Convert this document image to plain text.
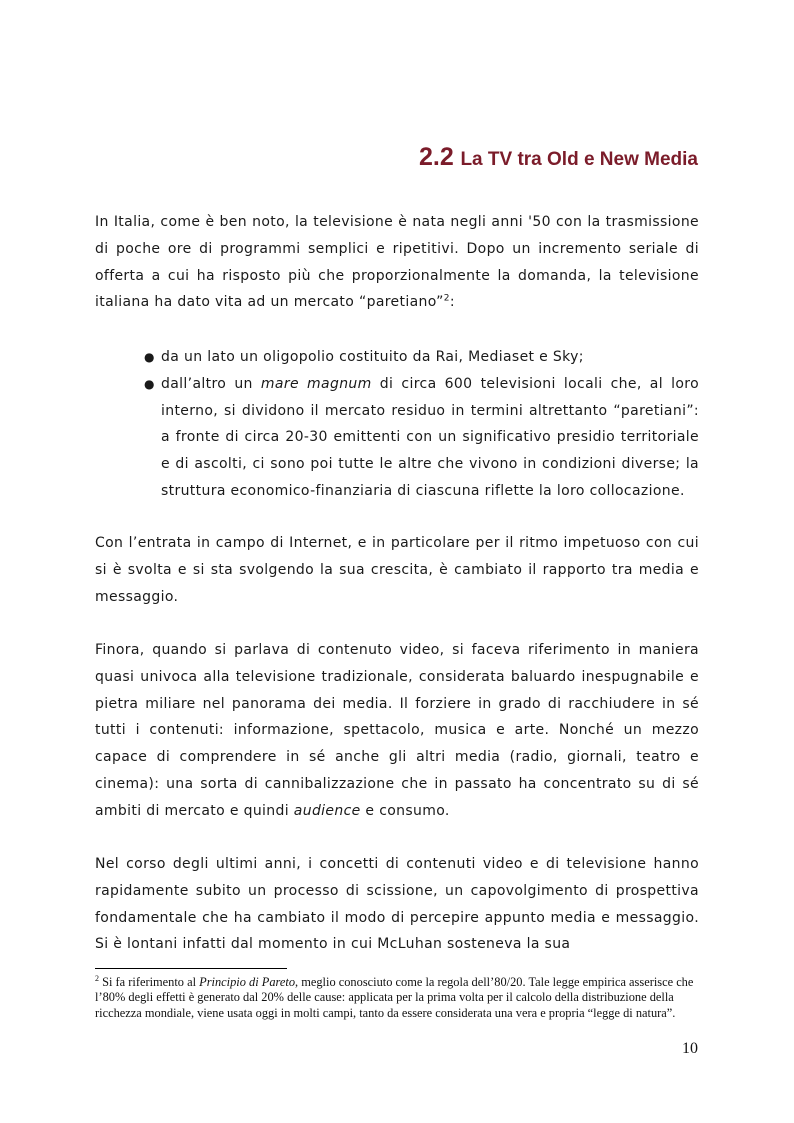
2.2 La TV tra Old e New Media

In Italia, come è ben noto, la televisione è nata negli anni '50 con la trasmissione di poche ore di programmi semplici e ripetitivi. Dopo un incremento seriale di offerta a cui ha risposto più che proporzionalmente la domanda, la televisione italiana ha dato vita ad un mercato “paretiano”$^2$:

● da un lato un oligopolio costituito da Rai, Mediaset e Sky;
● dall’altro un mare magnum di circa 600 televisioni locali che, al loro interno, si dividono il mercato residuo in termini altrettanto “paretiani”: a fronte di circa 20-30 emittenti con un significativo presidio territoriale e di ascolti, ci sono poi tutte le altre che vivono in condizioni diverse; la struttura economico-finanziaria di ciascuna riflette la loro collocazione.

Con l’entrata in campo di Internet, e in particolare per il ritmo impetuoso con cui si è svolta e si sta svolgendo la sua crescita, è cambiato il rapporto tra media e messaggio.

Finora, quando si parlava di contenuto video, si faceva riferimento in maniera quasi univoca alla televisione tradizionale, considerata baluardo inespugnabile e pietra miliare nel panorama dei media. Il forziere in grado di racchiudere in sé tutti i contenuti: informazione, spettacolo, musica e arte. Nonché un mezzo capace di comprendere in sé anche gli altri media (radio, giornali, teatro e cinema): una sorta di cannibalizzazione che in passato ha concentrato su di sé ambiti di mercato e quindi audience e consumo.

Nel corso degli ultimi anni, i concetti di contenuti video e di televisione hanno rapidamente subito un processo di scissione, un capovolgimento di prospettiva fondamentale che ha cambiato il modo di percepire appunto media e messaggio. Si è lontani infatti dal momento in cui McLuhan sosteneva la sua

$^2$ Si fa riferimento al Principio di Pareto, meglio conosciuto come la regola dell’80/20. Tale legge empirica asserisce che l’80% degli effetti è generato dal 20% delle cause: applicata per la prima volta per il calcolo della distribuzione della ricchezza mondiale, viene usata oggi in molti campi, tanto da essere considerata una vera e propria “legge di natura”.

10
